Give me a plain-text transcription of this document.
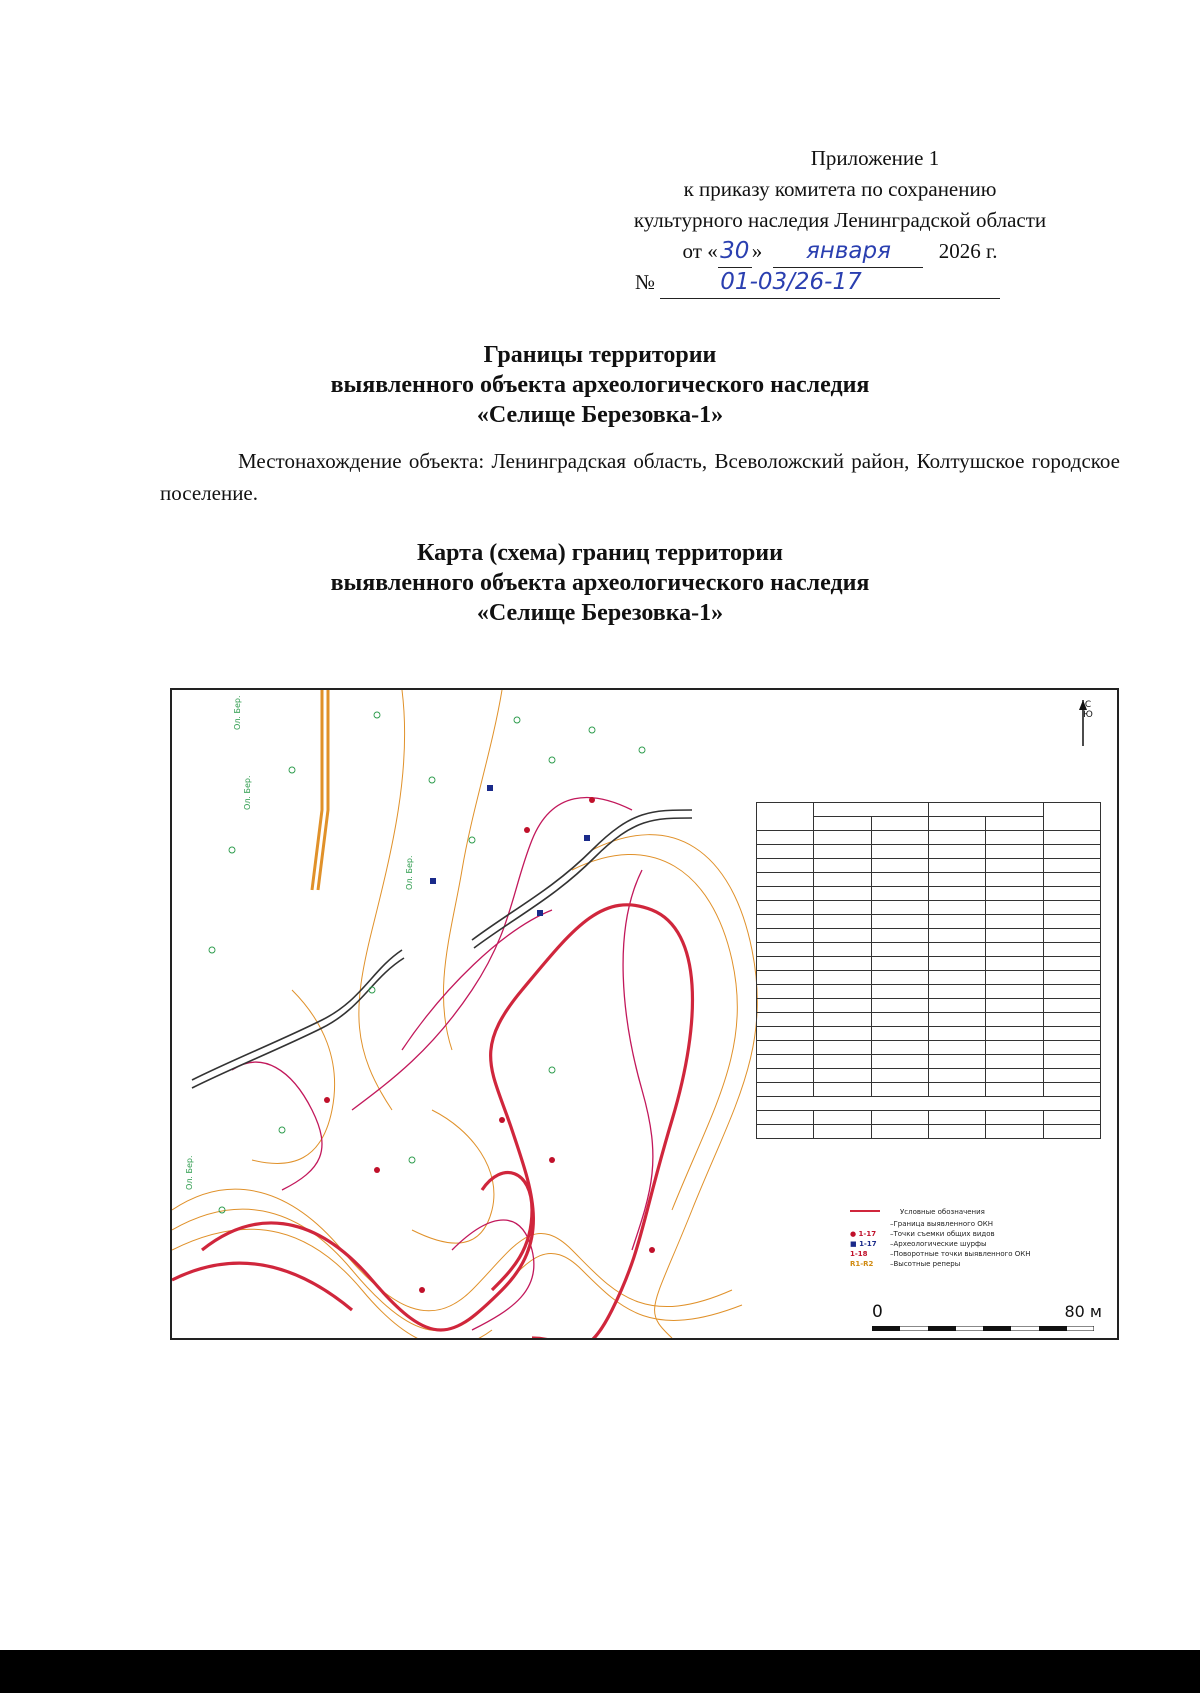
Приложение 1
к приказу комитета по сохранению
культурного наследия Ленинградской области
от « 30 » января 2026 г.
№	01-03/26-17
Границы территории
выявленного объекта археологического наследия
«Селище Березовка-1»
Местонахождение объекта: Ленинградская область, Всеволожский район, Колтушское городское поселение.
Карта (схема) границ территории
выявленного объекта археологического наследия
«Селище Березовка-1»
Ол. Бер.
Ол. Бер.
Ол. Бер.
Ол. Бер.
С
Ю

Условные обозначения
– Граница выявленного ОКН
● 1-17	– Точки съемки общих видов
■ 1-17	– Археологические шурфы
1-18	– Поворотные точки выявленного ОКН
R1-R2	– Высотные реперы
0	80 м
